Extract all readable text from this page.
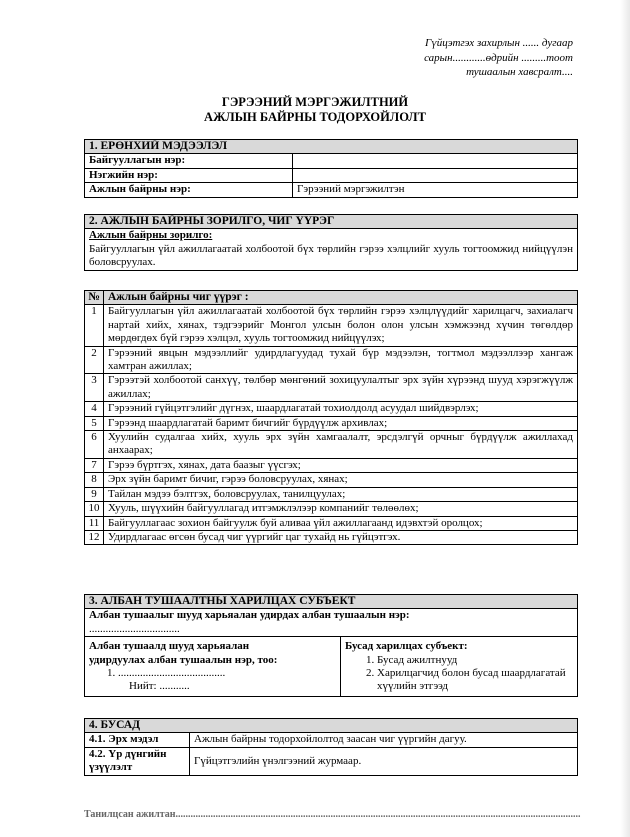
Гүйцэтгэх захирлын ...... дугаар
сарын............өдрийн .........тоот
тушаалын хавсралт....
ГЭРЭЭНИЙ МЭРГЭЖИЛТНИЙ
АЖЛЫН БАЙРНЫ ТОДОРХОЙЛОЛТ
1. ЕРӨНХИЙ МЭДЭЭЛЭЛ	
Байгууллагын нэр:	
Нэгжийн нэр:	
Ажлын байрны нэр:	Гэрээний мэргэжилтэн
2. АЖЛЫН БАЙРНЫ ЗОРИЛГО, ЧИГ ҮҮРЭГ

Ажлын байрны зорилго:
Байгууллагын үйл ажиллагаатай холбоотой бүх төрлийн гэрээ хэлцлийг хууль тогтоомжид нийцүүлэн боловсруулах.
№	Ажлын байрны чиг үүрэг :
1	Байгууллагын үйл ажиллагаатай холбоотой бүх төрлийн гэрээ хэлцлүүдийг харилцагч, захиалагч нартай хийх, хянах, тэдгээрийг Монгол улсын болон олон улсын хэмжээнд хүчин төгөлдөр мөрдөгдөх бүй гэрээ хэлцэл, хууль тогтоомжид нийцүүлэх;
2	Гэрээний явцын мэдээллийг удирдлагуудад тухай бүр мэдээлэн, тогтмол мэдээллээр хангаж хамтран ажиллах;
3	Гэрээтэй холбоотой санхүү, төлбөр мөнгөний зохицуулалтыг эрх зүйн хүрээнд шууд хэрэгжүүлж ажиллах;
4	Гэрээний гүйцэтгэлийг дүгнэх, шаардлагатай тохиолдолд асуудал шийдвэрлэх;
5	Гэрээнд шаардлагатай баримт бичгийг бүрдүүлж архивлах;
6	Хуулийн судалгаа хийх, хууль эрх зүйн хамгаалалт, эрсдэлгүй орчныг бүрдүүлж ажиллахад анхаарах;
7	Гэрээ бүртгэх, хянах, дата баазыг үүсгэх;
8	Эрх зүйн баримт бичиг, гэрээ боловсруулах, хянах;
9	Тайлан мэдээ бэлтгэх, боловсруулах, танилцуулах;
10	Хууль, шүүхийн байгууллагад итгэмжлэлээр компанийг төлөөлөх;
11	Байгууллагаас зохион байгуулж буй аливаа үйл ажиллагаанд идэвхтэй оролцох;
12	Удирдлагаас өгсөн бусад чиг үүргийг цаг тухайд нь гүйцэтгэх.
3. АЛБАН ТУШААЛТНЫ ХАРИЛЦАХ СУБЪЕКТ

Албан тушаалыг шууд харьяалан удирдах албан тушаалын нэр:
.................................

Албан тушаалд шууд харьяалан
удирдуулах албан тушаалын нэр, тоо:
1. .......................................
Нийт: ...........

Бусад харилцах субъект:
1. Бусад ажилтнууд
2. Харилцагчид болон бусад шаардлагатай хүүлийн этгээд
4. БУСАД	
4.1. Эрх мэдэл	Ажлын байрны тодорхойлолтод заасан чиг үүргийн дагуу.
4.2. Үр дүнгийн үзүүлэлт	Гүйцэтгэлийн үнэлгээний журмаар.
Танилцсан ажилтан..................................................................................................................................................................
